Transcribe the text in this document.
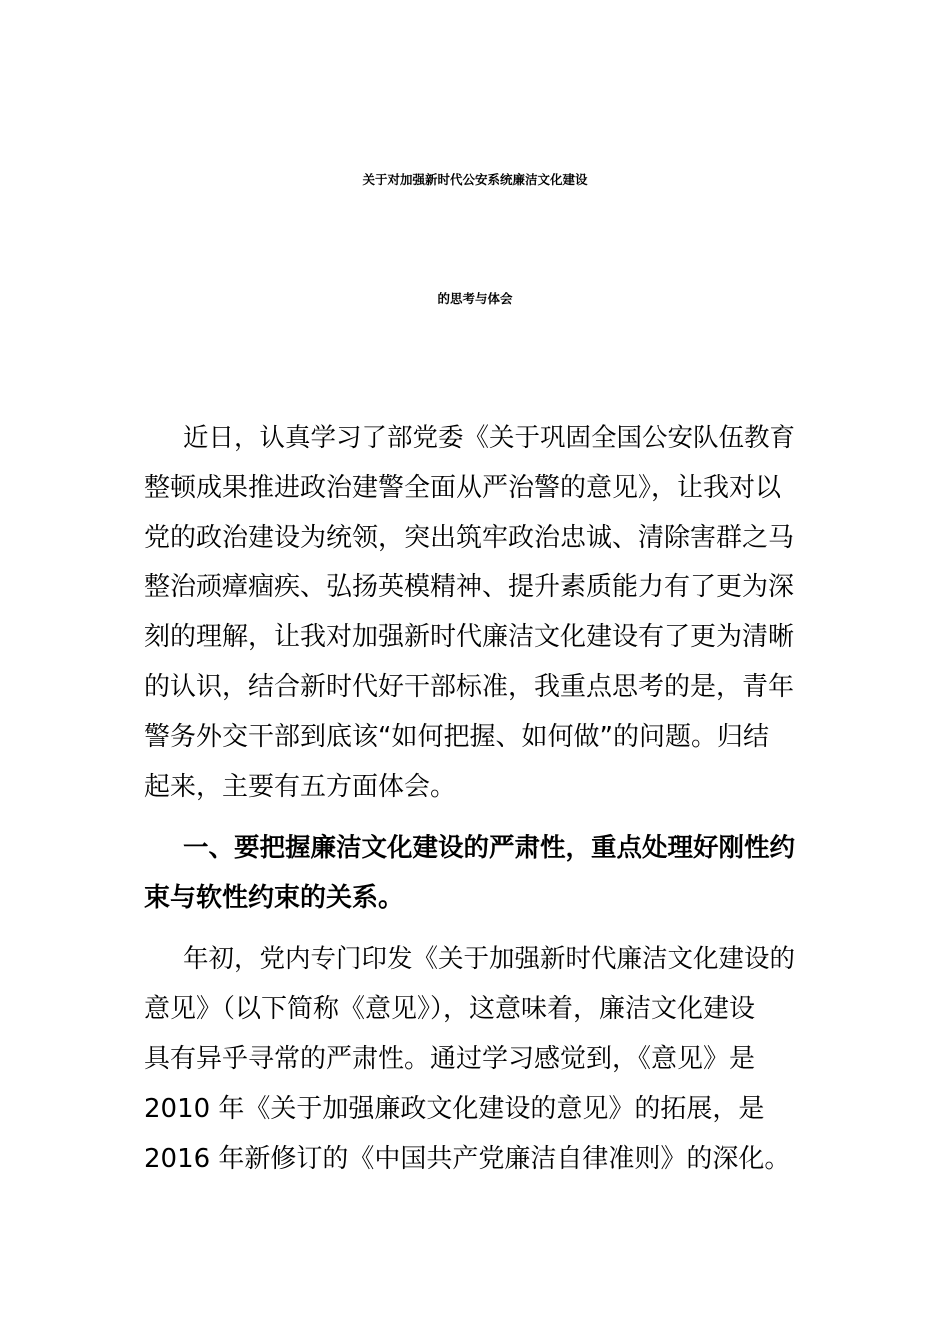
关于对加强新时代公安系统廉洁文化建设
的思考与体会
近日，认真学习了部党委《关于巩固全国公安队伍教育
整顿成果推进政治建警全面从严治警的意见》，让我对以
党的政治建设为统领，突出筑牢政治忠诚、清除害群之马
整治顽瘴痼疾、弘扬英模精神、提升素质能力有了更为深
刻的理解，让我对加强新时代廉洁文化建设有了更为清晰
的认识，结合新时代好干部标准，我重点思考的是，青年
警务外交干部到底该“如何把握、如何做”的问题。归结
起来，主要有五方面体会。
一、要把握廉洁文化建设的严肃性，重点处理好刚性约
束与软性约束的关系。
年初，党内专门印发《关于加强新时代廉洁文化建设的
意见》（以下简称《意见》），这意味着，廉洁文化建设
具有异乎寻常的严肃性。通过学习感觉到，《意见》是
2010 年《关于加强廉政文化建设的意见》的拓展，是
2016 年新修订的《中国共产党廉洁自律准则》的深化。
